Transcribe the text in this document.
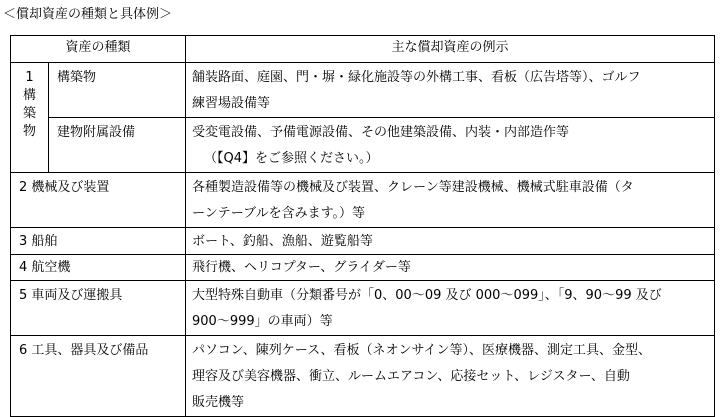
＜償却資産の種類と具体例＞
資産の種類		主な償却資産の例示

1
構
築
物	構築物	舗装路面、庭園、門・塀・緑化施設等の外構工事、看板（広告塔等）、ゴルフ
練習場設備等

	建物附属設備	受変電設備、予備電源設備、その他建築設備、内装・内部造作等
（【Q4】をご参照ください。）

2 機械及び装置		各種製造設備等の機械及び装置、クレーン等建設機械、機械式駐車設備（タ
ーンテーブルを含みます。）等

3 船舶		ボート、釣船、漁船、遊覧船等

4 航空機		飛行機、ヘリコプター、グライダー等

5 車両及び運搬具		大型特殊自動車（分類番号が「0、00～09 及び 000～099」、「9、90～99 及び
900～999」の車両）等

6 工具、器具及び備品		パソコン、陳列ケース、看板（ネオンサイン等）、医療機器、測定工具、金型、
理容及び美容機器、衝立、ルームエアコン、応接セット、レジスター、自動
販売機等
